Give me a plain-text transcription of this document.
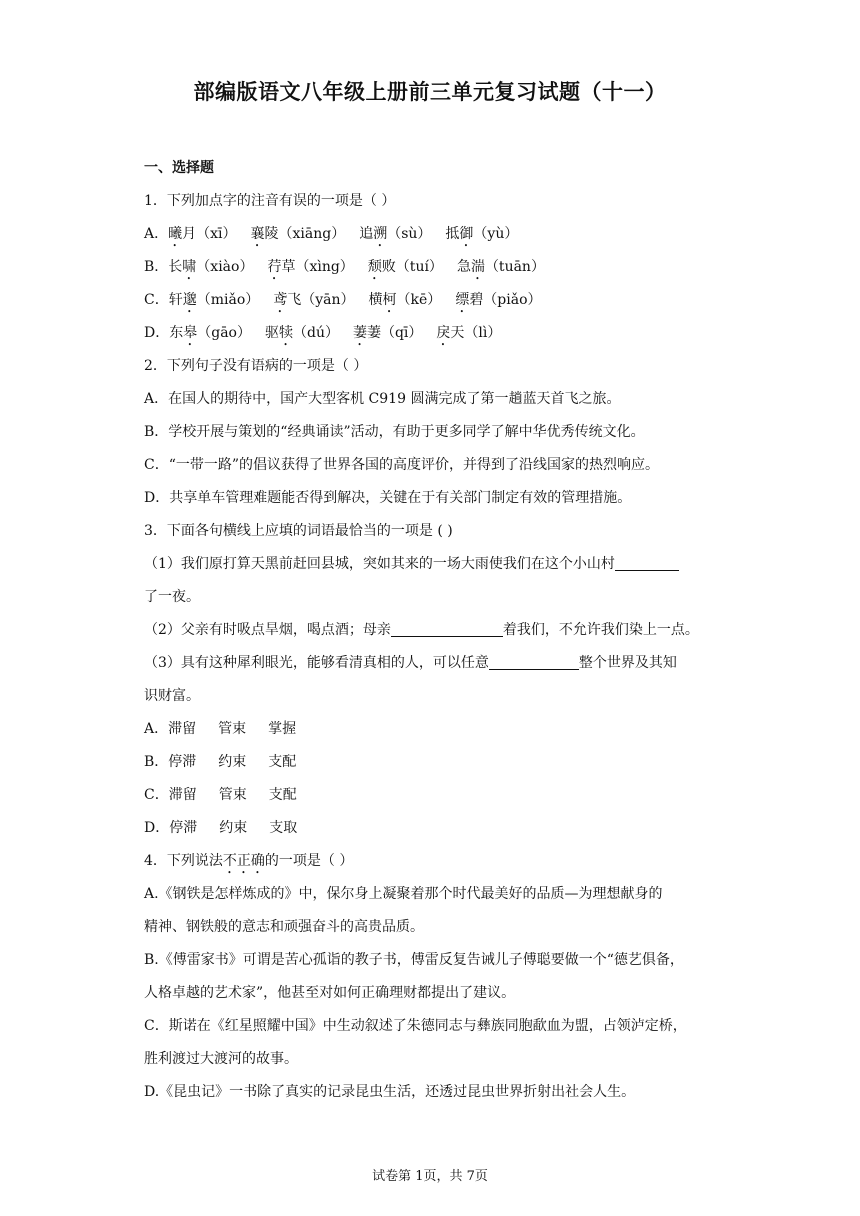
部编版语文八年级上册前三单元复习试题（十一）
一、选择题
1．下列加点字的注音有误的一项是（ ）
A．曦月（xī） 襄陵（xiāng） 追溯（sù） 抵御（yù）
B．长啸（xiào） 荇草（xìng） 颓败（tuí） 急湍（tuān）
C．轩邈（miǎo） 鸢飞（yān） 横柯（kē） 缥碧（piǎo）
D．东皋（gāo） 驱犊（dú） 萋萋（qī） 戾天（lì）
2．下列句子没有语病的一项是（ ）
A．在国人的期待中，国产大型客机 C919 圆满完成了第一趟蓝天首飞之旅。
B．学校开展与策划的“经典诵读”活动，有助于更多同学了解中华优秀传统文化。
C．“一带一路”的倡议获得了世界各国的高度评价，并得到了沿线国家的热烈响应。
D．共享单车管理难题能否得到解决，关键在于有关部门制定有效的管理措施。
3．下面各句横线上应填的词语最恰当的一项是 ( )
（1）我们原打算天黑前赶回县城，突如其来的一场大雨使我们在这个小山村
了一夜。
（2）父亲有时吸点旱烟，喝点酒；母亲	着我们，不允许我们染上一点。
（3）具有这种犀利眼光，能够看清真相的人，可以任意	整个世界及其知
识财富。
A．滞留 管束 掌握
B．停滞 约束 支配
C．滞留 管束 支配
D．停滞 约束 支取
4．下列说法不正确的一项是（ ）
A.《钢铁是怎样炼成的》中，保尔身上凝聚着那个时代最美好的品质—为理想献身的
精神、钢铁般的意志和顽强奋斗的高贵品质。
B.《傅雷家书》可谓是苦心孤诣的教子书，傅雷反复告诫儿子傅聪要做一个“德艺俱备，
人格卓越的艺术家”，他甚至对如何正确理财都提出了建议。
C．斯诺在《红星照耀中国》中生动叙述了朱德同志与彝族同胞歃血为盟，占领泸定桥，
胜利渡过大渡河的故事。
D.《昆虫记》一书除了真实的记录昆虫生活，还透过昆虫世界折射出社会人生。
试卷第 1页，共 7页
